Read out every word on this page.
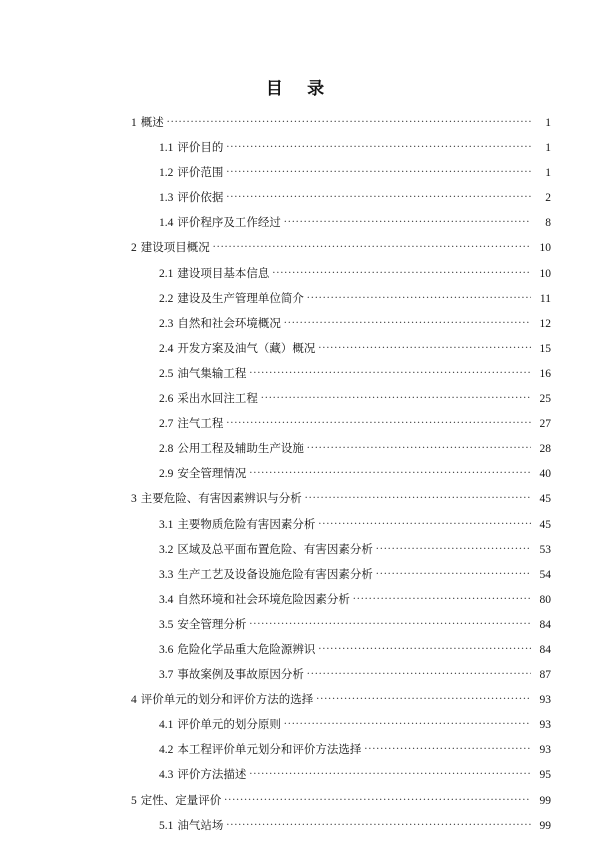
目 录
1 概述 .....	1
1.1 评价目的 .....	1
1.2 评价范围 .....	1
1.3 评价依据 .....	2
1.4 评价程序及工作经过 .....	8
2 建设项目概况 .....	10
2.1 建设项目基本信息 .....	10
2.2 建设及生产管理单位简介 .....	11
2.3 自然和社会环境概况 .....	12
2.4 开发方案及油气（藏）概况 .....	15
2.5 油气集输工程 .....	16
2.6 采出水回注工程 .....	25
2.7 注气工程 .....	27
2.8 公用工程及辅助生产设施 .....	28
2.9 安全管理情况 .....	40
3 主要危险、有害因素辨识与分析 .....	45
3.1 主要物质危险有害因素分析 .....	45
3.2 区域及总平面布置危险、有害因素分析 .....	53
3.3 生产工艺及设备设施危险有害因素分析 .....	54
3.4 自然环境和社会环境危险因素分析 .....	80
3.5 安全管理分析 .....	84
3.6 危险化学品重大危险源辨识 .....	84
3.7 事故案例及事故原因分析 .....	87
4 评价单元的划分和评价方法的选择 .....	93
4.1 评价单元的划分原则 .....	93
4.2 本工程评价单元划分和评价方法选择 .....	93
4.3 评价方法描述 .....	95
5 定性、定量评价 .....	99
5.1 油气站场 .....	99
